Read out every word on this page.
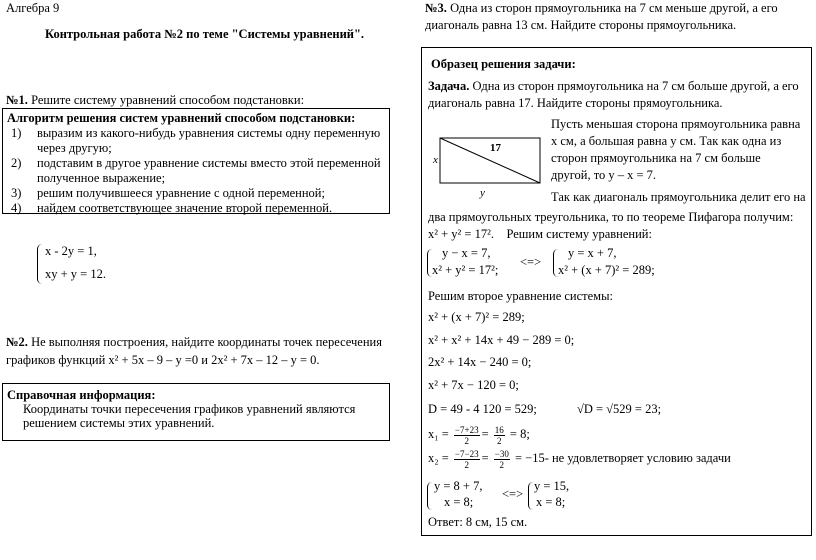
Алгебра 9
Контрольная работа №2 по теме "Системы уравнений".
№1. Решите систему уравнений способом подстановки:
Алгоритм решения систем уравнений способом подстановки:
1)	выразим из какого-нибудь уравнения системы одну переменную через другую;
2)	подставим в другое уравнение системы вместо этой переменной полученное выражение;
3)	решим получившееся уравнение с одной переменной;
4)	найдем соответствующее значение второй переменной.
x - 2y = 1,
xy + y = 12.
№2. Не выполняя построения, найдите координаты точек пересечения графиков функций x² + 5x – 9 – y =0 и 2x² + 7x – 12 – y = 0.
Справочная информация:
Координаты точки пересечения графиков уравнений являются решением системы этих уравнений.
№3. Одна из сторон прямоугольника на 7 см меньше другой, а его диагональ равна 13 см. Найдите стороны прямоугольника.
Образец решения задачи:
Задача. Одна из сторон прямоугольника на 7 см больше другой, а его диагональ равна 17. Найдите стороны прямоугольника.
17
x
y
Пусть меньшая сторона прямоугольника равна х см, а большая равна у см. Так как одна из сторон прямоугольника на 7 см больше другой, то y – x = 7.
Так как диагональ прямоугольника делит его на
два прямоугольных треугольника, то по теореме Пифагора получим:
x² + y² = 17². Решим систему уравнений:
y − x = 7,
x² + y² = 17²;
<=>
y = x + 7,
x² + (x + 7)² = 289;
Решим второе уравнение системы:
x² + (x + 7)² = 289;
x² + x² + 14x + 49 − 289 = 0;
2x² + 14x − 240 = 0;
x² + 7x − 120 = 0;
D = 49 - 4 120 = 529;	√D = √529 = 23;
$x_1 = \frac{-7+23}{2} = \frac{16}{2} = 8$;
$x_2 = \frac{-7-23}{2} = \frac{-30}{2} = -15-$ не удовлетворяет условию задачи
y = 8 + 7,
x = 8;
<=>
y = 15,
x = 8;
Ответ: 8 см, 15 см.
